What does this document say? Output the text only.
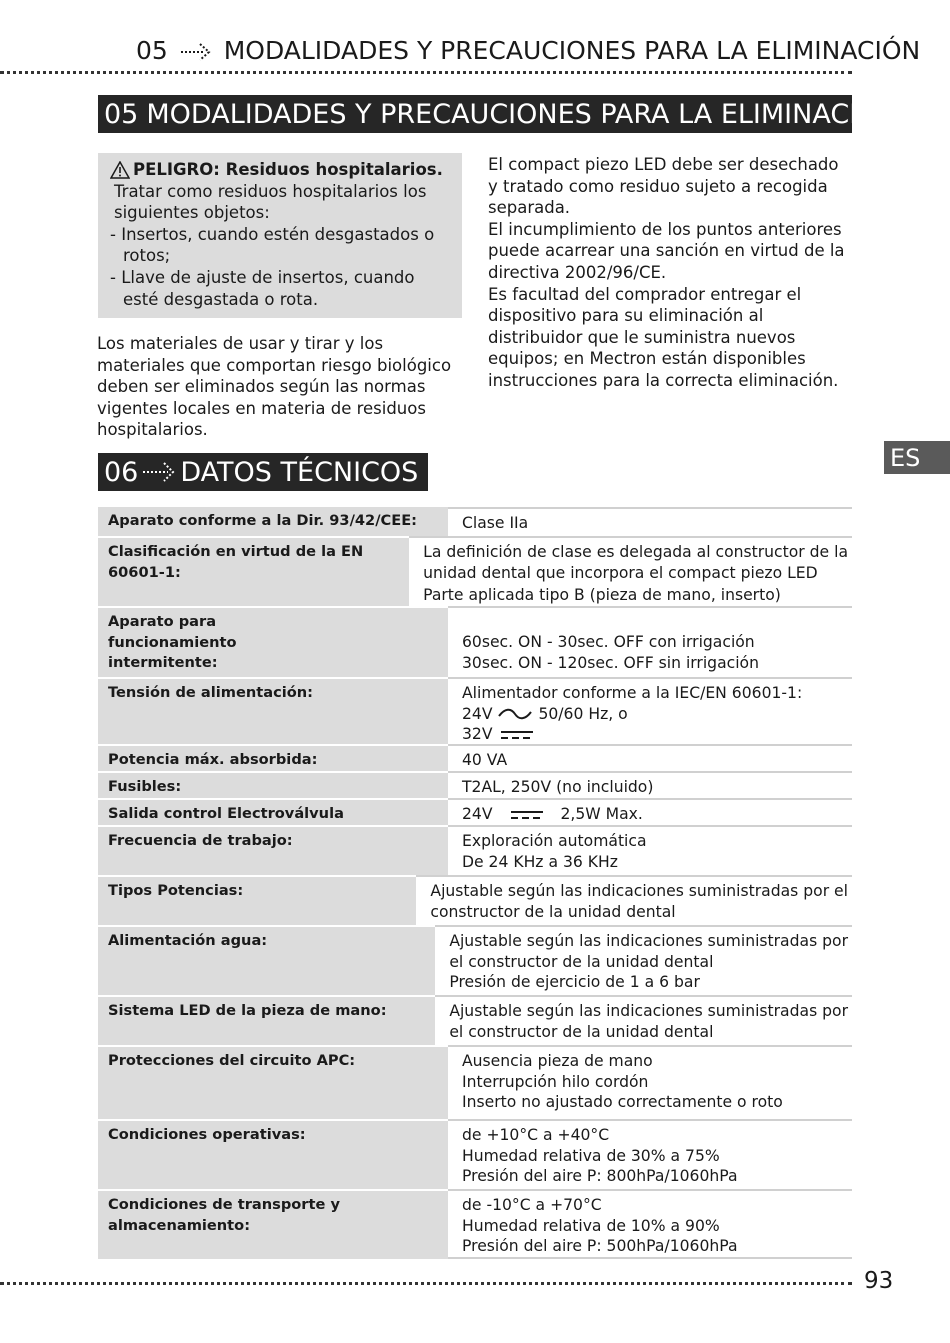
05 MODALIDADES Y PRECAUCIONES PARA LA ELIMINACIÓN
05 MODALIDADES Y PRECAUCIONES PARA LA ELIMINACIÓN
PELIGRO: Residuos hospitalarios.
Tratar como residuos hospitalarios los siguientes objetos:
- Insertos, cuando estén desgastados o rotos;
- Llave de ajuste de insertos, cuando esté desgastada o rota.
Los materiales de usar y tirar y los materiales que comportan riesgo biológico deben ser eliminados según las normas vigentes locales en materia de residuos hospitalarios.
El compact piezo LED debe ser desechado y tratado como residuo sujeto a recogida separada.
El incumplimiento de los puntos anteriores puede acarrear una sanción en virtud de la directiva 2002/96/CE.
Es facultad del comprador entregar el dispositivo para su eliminación al distribuidor que le suministra nuevos equipos; en Mectron están disponibles instrucciones para la correcta eliminación.
ES
06 DATOS TÉCNICOS
Aparato conforme a la Dir. 93/42/CEE:	Clase IIa
Clasificación en virtud de la EN 60601-1:
La definición de clase es delegada al constructor de la
unidad dental que incorpora el compact piezo LED
Parte aplicada tipo B (pieza de mano, inserto)
Aparato para funcionamiento intermitente:
60sec. ON - 30sec. OFF con irrigación
30sec. ON - 120sec. OFF sin irrigación
Tensión de alimentación:	Alimentador conforme a la IEC/EN 60601-1:
24V	50/60 Hz, o
32V
Potencia máx. absorbida:	40 VA
Fusibles:	T2AL, 250V (no incluido)
Salida control Electroválvula	24V	2,5W Max.
Frecuencia de trabajo:	Exploración automática
De 24 KHz a 36 KHz
Tipos Potencias:	Ajustable según las indicaciones suministradas por el
constructor de la unidad dental
Alimentación agua:	Ajustable según las indicaciones suministradas por
el constructor de la unidad dental
Presión de ejercicio de 1 a 6 bar
Sistema LED de la pieza de mano:	Ajustable según las indicaciones suministradas por
el constructor de la unidad dental
Protecciones del circuito APC:	Ausencia pieza de mano
Interrupción hilo cordón
Inserto no ajustado correctamente o roto
Condiciones operativas:	de +10°C a +40°C
Humedad relativa de 30% a 75%
Presión del aire P: 800hPa/1060hPa
Condiciones de transporte y almacenamiento:
de -10°C a +70°C
Humedad relativa de 10% a 90%
Presión del aire P: 500hPa/1060hPa
93
